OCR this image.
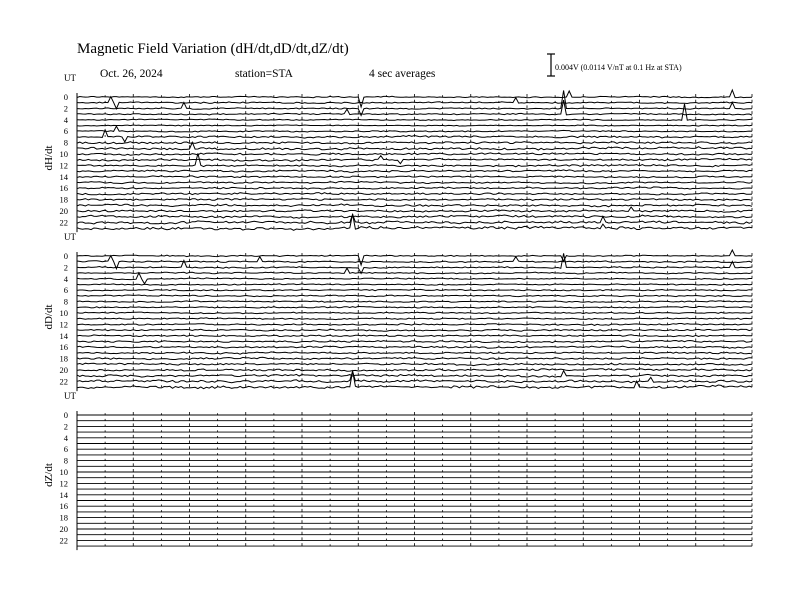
Magnetic Field Variation (dH/dt,dD/dt,dZ/dt)
Oct. 26, 2024	station=STA	4 sec averages
0.004V (0.0114 V/nT at 0.1 Hz at STA)
UT
dH/dt
0
2
4
6
8
10
12
14
16
18
20
22
UT
dD/dt
0
2
4
6
8
10
12
14
16
18
20
22
UT
dZ/dt
0
2
4
6
8
10
12
14
16
18
20
22
